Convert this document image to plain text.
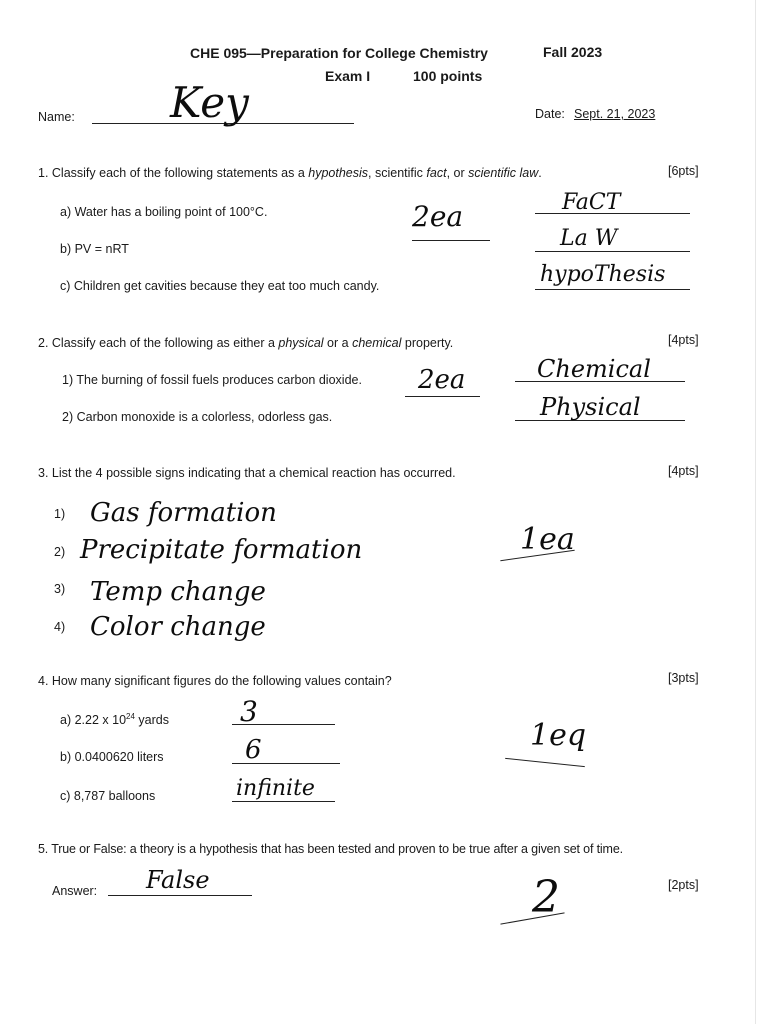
CHE 095—Preparation for College Chemistry	Fall 2023
Exam I	100 points
Name: Key	Date: Sept. 21, 2023
1. Classify each of the following statements as a hypothesis, scientific fact, or scientific law.	[6pts]
a) Water has a boiling point of 100°C.	FaCT
b) PV = nRT	La W
c) Children get cavities because they eat too much candy.	hypoThesis
2ea
2. Classify each of the following as either a physical or a chemical property.	[4pts]
1) The burning of fossil fuels produces carbon dioxide.	Chemical
2) Carbon monoxide is a colorless, odorless gas.	Physical
2ea
3. List the 4 possible signs indicating that a chemical reaction has occurred.	[4pts]
1) Gas formation
2) Precipitate formation
3) Temp change
4) Color change
1ea
4. How many significant figures do the following values contain?	[3pts]
a) 2.22 x $10^{24}$ yards	3
b) 0.0400620 liters	6
c) 8,787 balloons	infinite
1eq
5. True or False: a theory is a hypothesis that has been tested and proven to be true after a given set of time.
Answer: False	[2pts]
2
